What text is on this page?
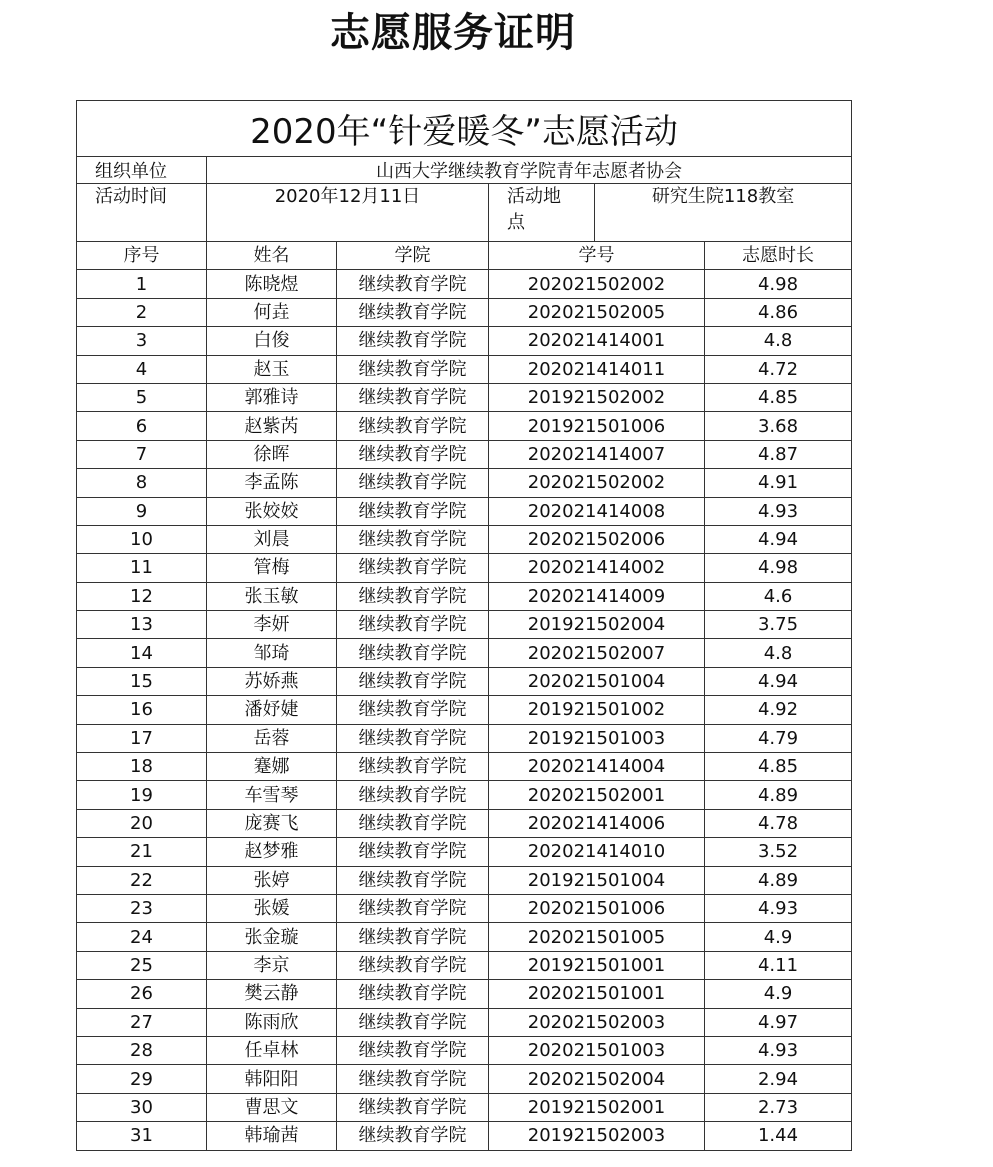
志愿服务证明
2020年“针爱暖冬”志愿活动					
组织单位	山西大学继续教育学院青年志愿者协会				
活动时间	2020年12月11日		活动地点	研究生院118教室	
序号	姓名	学院	学号		志愿时长
1	陈晓煜	继续教育学院	202021502002		4.98
2	何垚	继续教育学院	202021502005		4.86
3	白俊	继续教育学院	202021414001		4.8
4	赵玉	继续教育学院	202021414011		4.72
5	郭雅诗	继续教育学院	201921502002		4.85
6	赵紫芮	继续教育学院	201921501006		3.68
7	徐晖	继续教育学院	202021414007		4.87
8	李孟陈	继续教育学院	202021502002		4.91
9	张姣姣	继续教育学院	202021414008		4.93
10	刘晨	继续教育学院	202021502006		4.94
11	管梅	继续教育学院	202021414002		4.98
12	张玉敏	继续教育学院	202021414009		4.6
13	李妍	继续教育学院	201921502004		3.75
14	邹琦	继续教育学院	202021502007		4.8
15	苏娇燕	继续教育学院	202021501004		4.94
16	潘妤婕	继续教育学院	201921501002		4.92
17	岳蓉	继续教育学院	201921501003		4.79
18	蹇娜	继续教育学院	202021414004		4.85
19	车雪琴	继续教育学院	202021502001		4.89
20	庞赛飞	继续教育学院	202021414006		4.78
21	赵梦雅	继续教育学院	202021414010		3.52
22	张婷	继续教育学院	201921501004		4.89
23	张媛	继续教育学院	202021501006		4.93
24	张金璇	继续教育学院	202021501005		4.9
25	李京	继续教育学院	201921501001		4.11
26	樊云静	继续教育学院	202021501001		4.9
27	陈雨欣	继续教育学院	202021502003		4.97
28	任卓林	继续教育学院	202021501003		4.93
29	韩阳阳	继续教育学院	202021502004		2.94
30	曹思文	继续教育学院	201921502001		2.73
31	韩瑜茜	继续教育学院	201921502003		1.44
